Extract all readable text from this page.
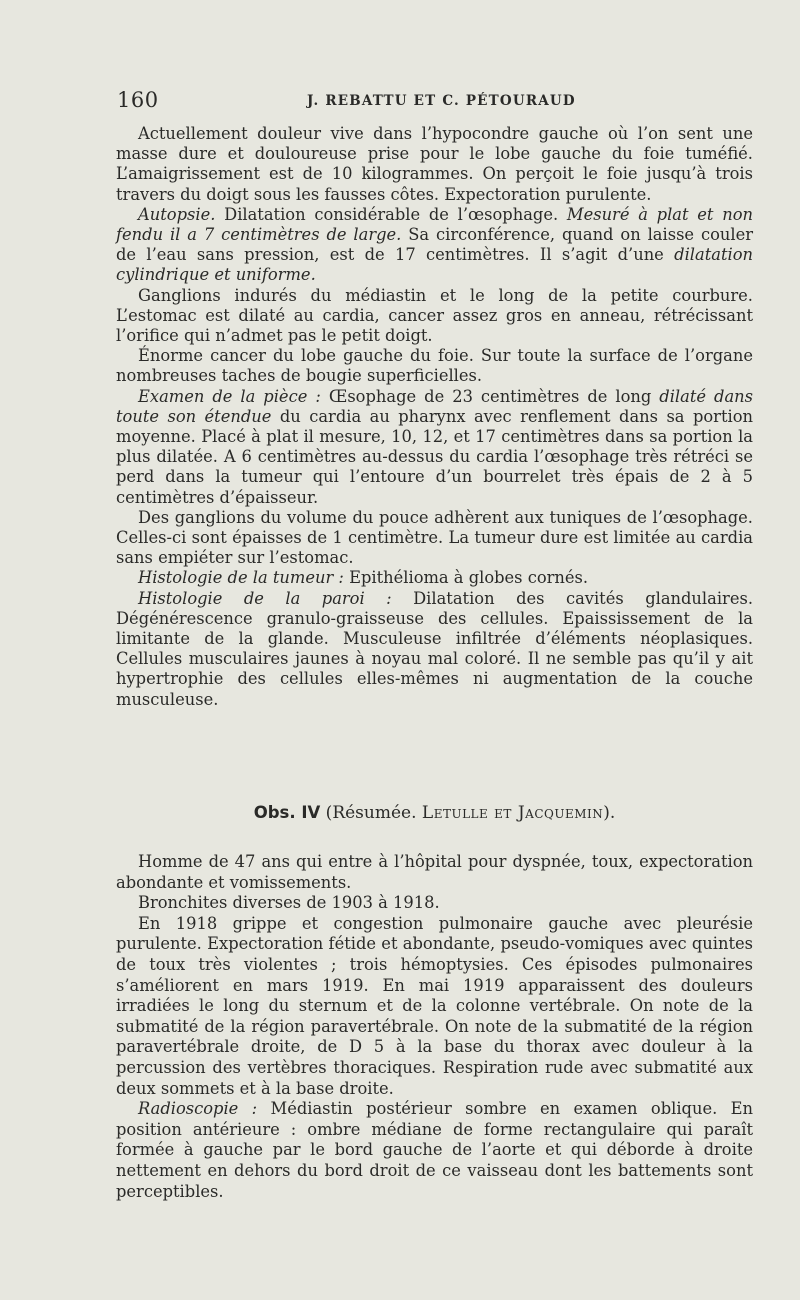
160	J. REBATTU ET C. PÉTOURAUD

Actuellement douleur vive dans l’hypocondre gauche où l’on sent une masse dure et douloureuse prise pour le lobe gauche du foie tuméfié. L’amaigrissement est de 10 kilogrammes. On perçoit le foie jusqu’à trois travers du doigt sous les fausses côtes. Expectoration purulente.

Autopsie. Dilatation considérable de l’œsophage. Mesuré à plat et non fendu il a 7 centimètres de large. Sa circonférence, quand on laisse couler de l’eau sans pression, est de 17 centimètres. Il s’agit d’une dilatation cylindrique et uniforme.

Ganglions indurés du médiastin et le long de la petite courbure. L’estomac est dilaté au cardia, cancer assez gros en anneau, rétrécissant l’orifice qui n’admet pas le petit doigt.

Énorme cancer du lobe gauche du foie. Sur toute la surface de l’organe nombreuses taches de bougie superficielles.

Examen de la pièce : Œsophage de 23 centimètres de long dilaté dans toute son étendue du cardia au pharynx avec renflement dans sa portion moyenne. Placé à plat il mesure, 10, 12, et 17 centimètres dans sa portion la plus dilatée. A 6 centimètres au-dessus du cardia l’œsophage très rétréci se perd dans la tumeur qui l’entoure d’un bourrelet très épais de 2 à 5 centimètres d’épaisseur.

Des ganglions du volume du pouce adhèrent aux tuniques de l’œsophage. Celles-ci sont épaisses de 1 centimètre. La tumeur dure est limitée au cardia sans empiéter sur l’estomac.

Histologie de la tumeur : Epithélioma à globes cornés.

Histologie de la paroi : Dilatation des cavités glandulaires. Dégénérescence granulo-graisseuse des cellules. Epaississement de la limitante de la glande. Musculeuse infiltrée d’éléments néoplasiques. Cellules musculaires jaunes à noyau mal coloré. Il ne semble pas qu’il y ait hypertrophie des cellules elles-mêmes ni augmentation de la couche musculeuse.

Obs. IV (Résumée. Letulle et Jacquemin).

Homme de 47 ans qui entre à l’hôpital pour dyspnée, toux, expectoration abondante et vomissements.

Bronchites diverses de 1903 à 1918.

En 1918 grippe et congestion pulmonaire gauche avec pleurésie purulente. Expectoration fétide et abondante, pseudo-vomiques avec quintes de toux très violentes ; trois hémoptysies. Ces épisodes pulmonaires s’améliorent en mars 1919. En mai 1919 apparaissent des douleurs irradiées le long du sternum et de la colonne vertébrale. On note de la submatité de la région paravertébrale. On note de la submatité de la région paravertébrale droite, de D 5 à la base du thorax avec douleur à la percussion des vertèbres thoraciques. Respiration rude avec submatité aux deux sommets et à la base droite.

Radioscopie : Médiastin postérieur sombre en examen oblique. En position antérieure : ombre médiane de forme rectangulaire qui paraît formée à gauche par le bord gauche de l’aorte et qui déborde à droite nettement en dehors du bord droit de ce vaisseau dont les battements sont perceptibles.
